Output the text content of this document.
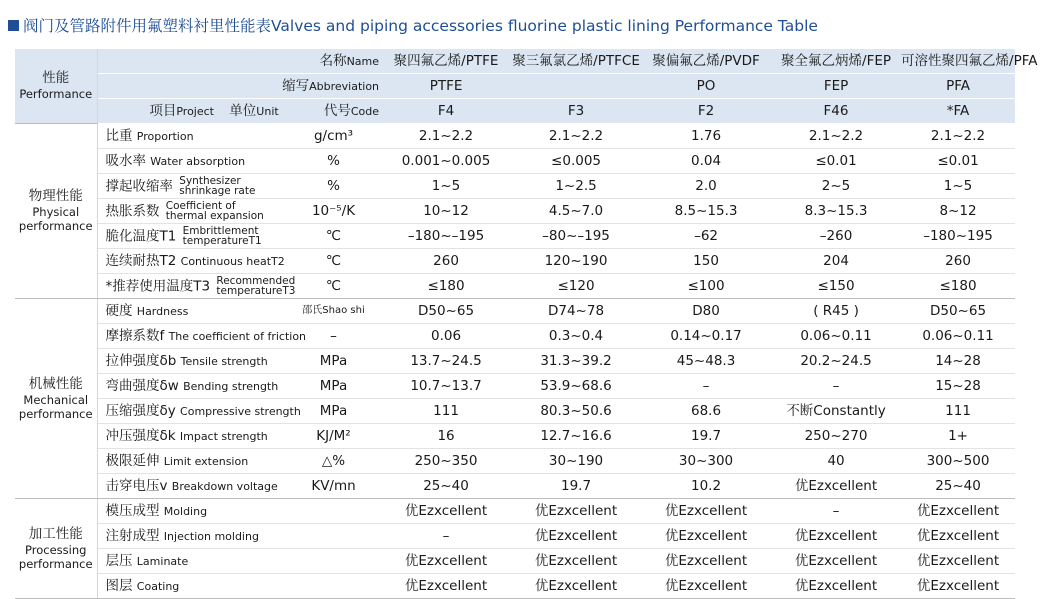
阀门及管路附件用氟塑料衬里性能表Valves and piping accessories fluorine plastic lining Performance Table
性能
Performance	名称Name			聚四氟乙烯/PTFE	聚三氟氯乙烯/PTFCE	聚偏氟乙烯/PVDF	聚全氟乙炳烯/FEP	可溶性聚四氟乙烯/PFA
	缩写Abbreviation			PTFE		PO	FEP	PFA
	项目Project	单位Unit	代号Code	F4	F3	F2	F46	*FA

物理性能
Physical
performance	比重 Proportion		g/cm³	2.1~2.2	2.1~2.2	1.76	2.1~2.2	2.1~2.2
	吸水率 Water absorption		%	0.001~0.005	≤0.005	0.04	≤0.01	≤0.01
	撑起收缩率 Synthesizer
shrinkage rate		%	1~5	1~2.5	2.0	2~5	1~5
	热胀系数 Coefficient of
thermal expansion		10⁻⁵/K	10~12	4.5~7.0	8.5~15.3	8.3~15.3	8~12
	脆化温度T1 Embrittlement
temperatureT1		℃	–180~–195	–80~–195	–62	–260	–180~195
	连续耐热T2 Continuous heatT2		℃	260	120~190	150	204	260
	*推荐使用温度T3 Recommended
temperatureT3		℃	≤180	≤120	≤100	≤150	≤180

机械性能
Mechanical
performance	硬度 Hardness		邵氏Shao shi	D50~65	D74~78	D80	( R45 )	D50~65
	摩擦系数f The coefficient of friction		–	0.06	0.3~0.4	0.14~0.17	0.06~0.11	0.06~0.11
	拉伸强度δb Tensile strength		MPa	13.7~24.5	31.3~39.2	45~48.3	20.2~24.5	14~28
	弯曲强度δw Bending strength		MPa	10.7~13.7	53.9~68.6	–	–	15~28
	压缩强度δy Compressive strength		MPa	111	80.3~50.6	68.6	不断Constantly	111
	冲压强度δk Impact strength		KJ/M²	16	12.7~16.6	19.7	250~270	1+
	极限延伸 Limit extension		△%	250~350	30~190	30~300	40	300~500
	击穿电压v Breakdown voltage		KV/mn	25~40	19.7	10.2	优Ezxcellent	25~40

加工性能
Processing
performance	模压成型 Molding			优Ezxcellent	优Ezxcellent	优Ezxcellent	–	优Ezxcellent
	注射成型 Injection molding			–	优Ezxcellent	优Ezxcellent	优Ezxcellent	优Ezxcellent
	层压 Laminate			优Ezxcellent	优Ezxcellent	优Ezxcellent	优Ezxcellent	优Ezxcellent
	图层 Coating			优Ezxcellent	优Ezxcellent	优Ezxcellent	优Ezxcellent	优Ezxcellent
